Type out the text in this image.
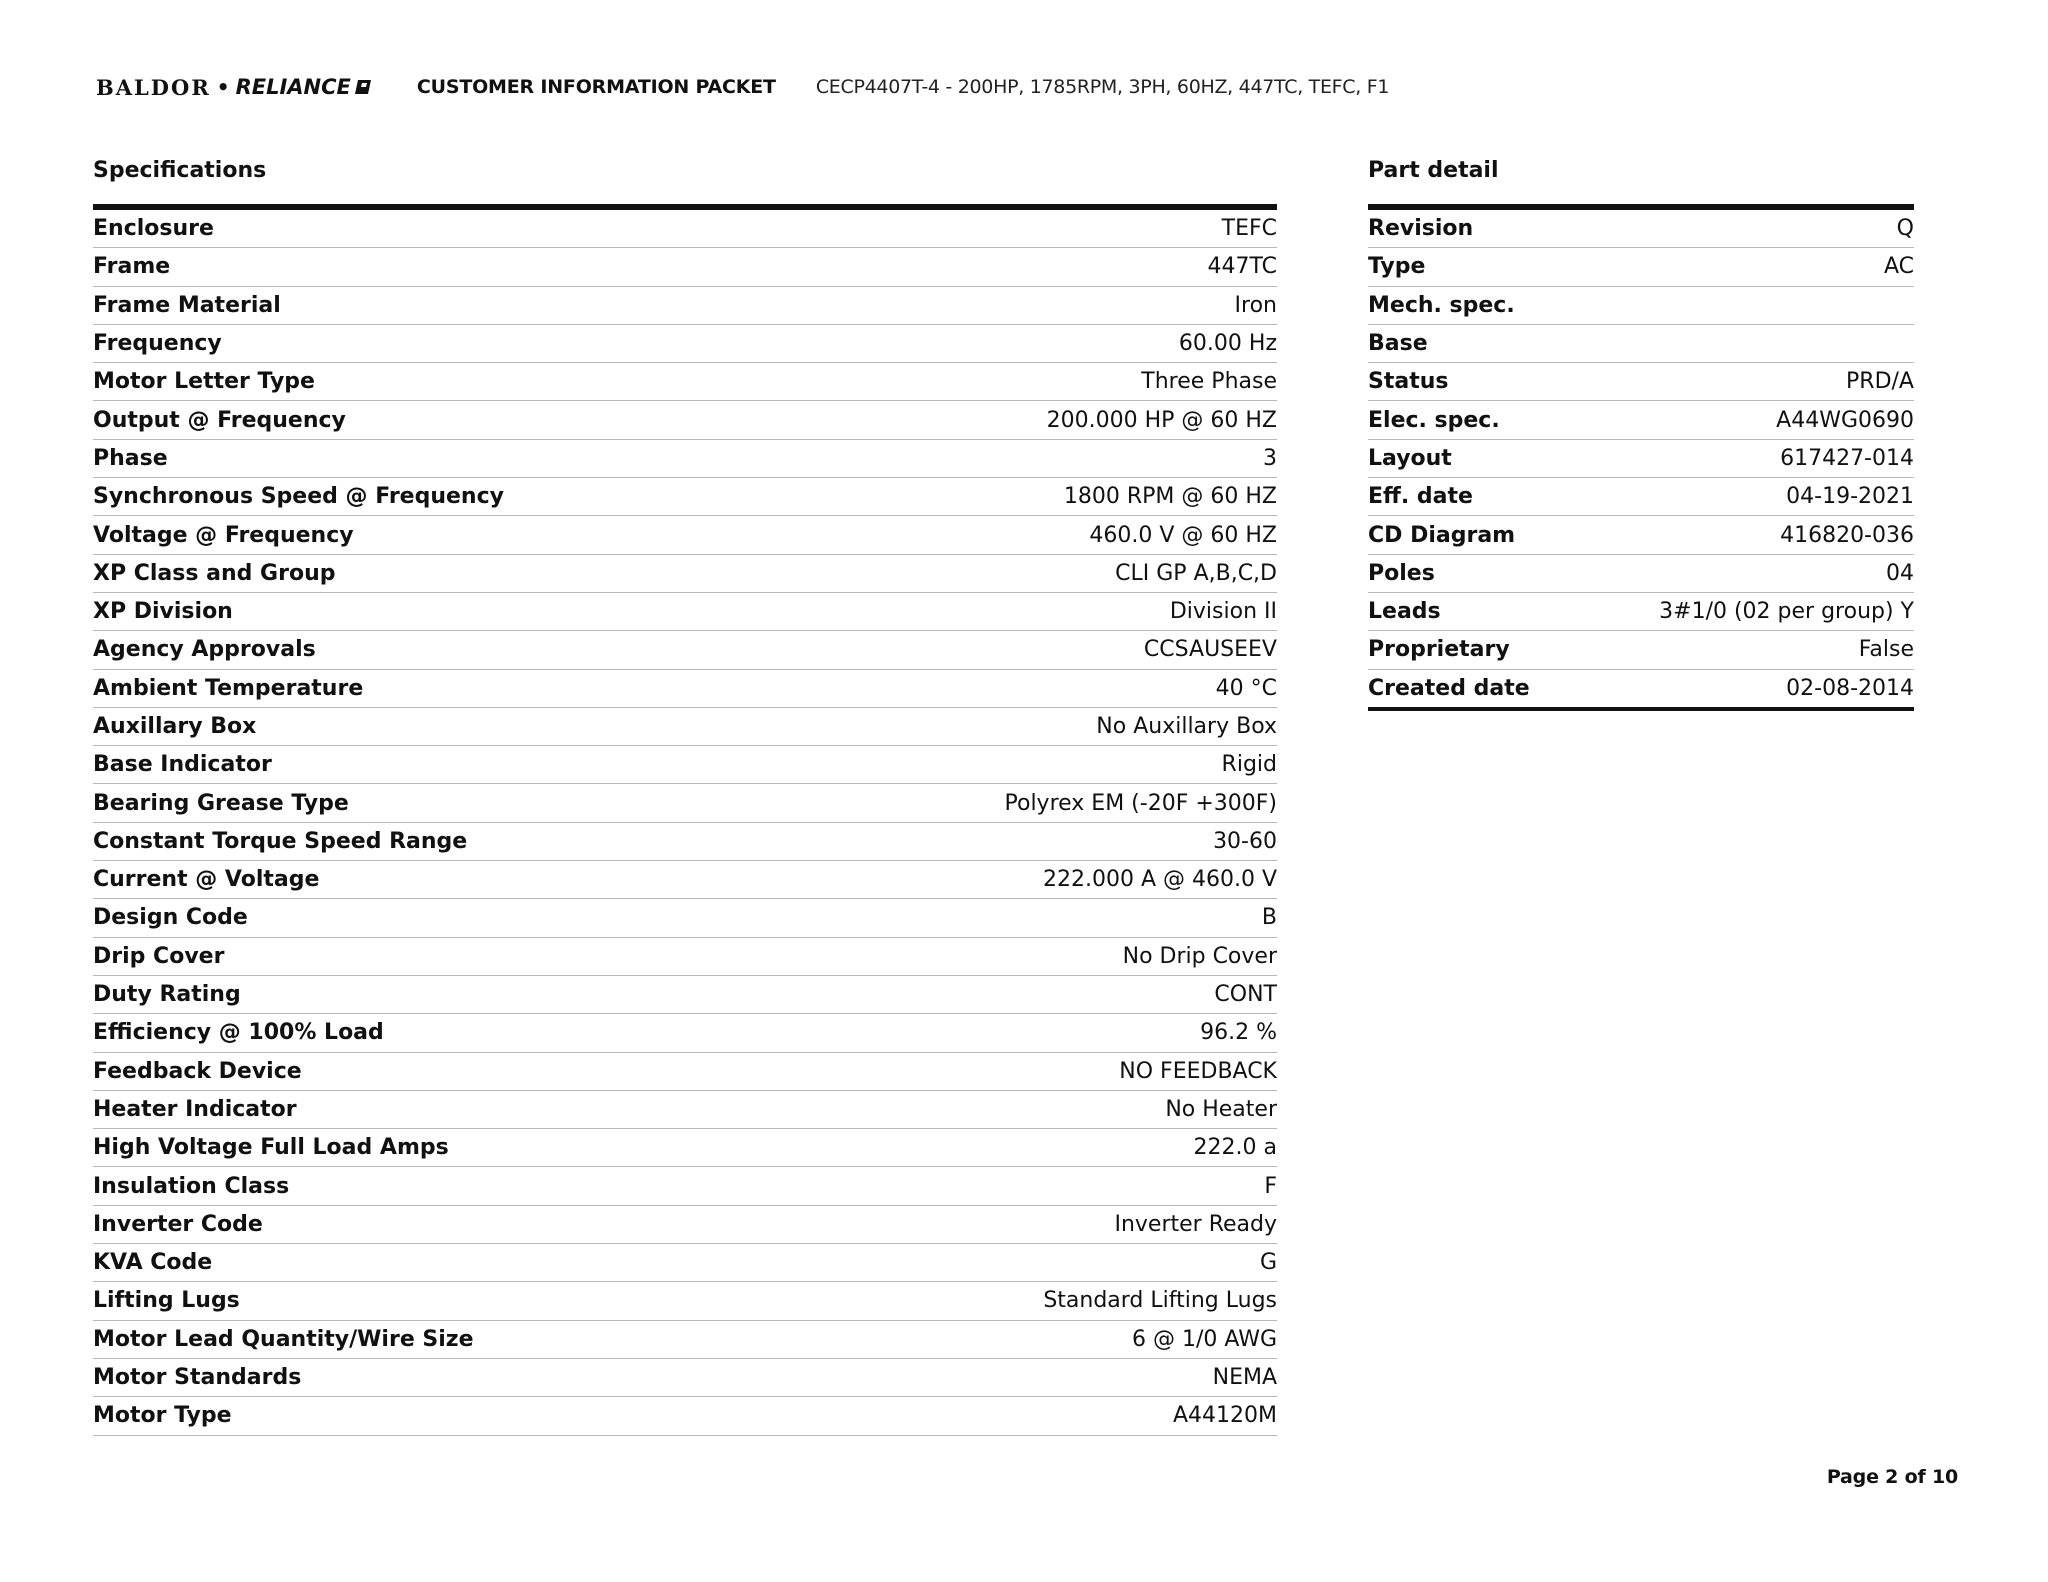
BALDOR • RELIANCE	CUSTOMER INFORMATION PACKET CECP4407T-4 - 200HP, 1785RPM, 3PH, 60HZ, 447TC, TEFC, F1
Specifications	Part detail
Enclosure	TEFC
Frame	447TC
Frame Material	Iron
Frequency	60.00 Hz
Motor Letter Type	Three Phase
Output @ Frequency	200.000 HP @ 60 HZ
Phase	3
Synchronous Speed @ Frequency	1800 RPM @ 60 HZ
Voltage @ Frequency	460.0 V @ 60 HZ
XP Class and Group	CLI GP A,B,C,D
XP Division	Division II
Agency Approvals	CCSAUSEEV
Ambient Temperature	40 °C
Auxillary Box	No Auxillary Box
Base Indicator	Rigid
Bearing Grease Type	Polyrex EM (-20F +300F)
Constant Torque Speed Range	30-60
Current @ Voltage	222.000 A @ 460.0 V
Design Code	B
Drip Cover	No Drip Cover
Duty Rating	CONT
Efficiency @ 100% Load	96.2 %
Feedback Device	NO FEEDBACK
Heater Indicator	No Heater
High Voltage Full Load Amps	222.0 a
Insulation Class	F
Inverter Code	Inverter Ready
KVA Code	G
Lifting Lugs	Standard Lifting Lugs
Motor Lead Quantity/Wire Size	6 @ 1/0 AWG
Motor Standards	NEMA
Motor Type	A44120M
Revision	Q
Type	AC
Mech. spec.
Base
Status	PRD/A
Elec. spec.	A44WG0690
Layout	617427-014
Eff. date	04-19-2021
CD Diagram	416820-036
Poles	04
Leads	3#1/0 (02 per group) Y
Proprietary	False
Created date	02-08-2014
Page 2 of 10
